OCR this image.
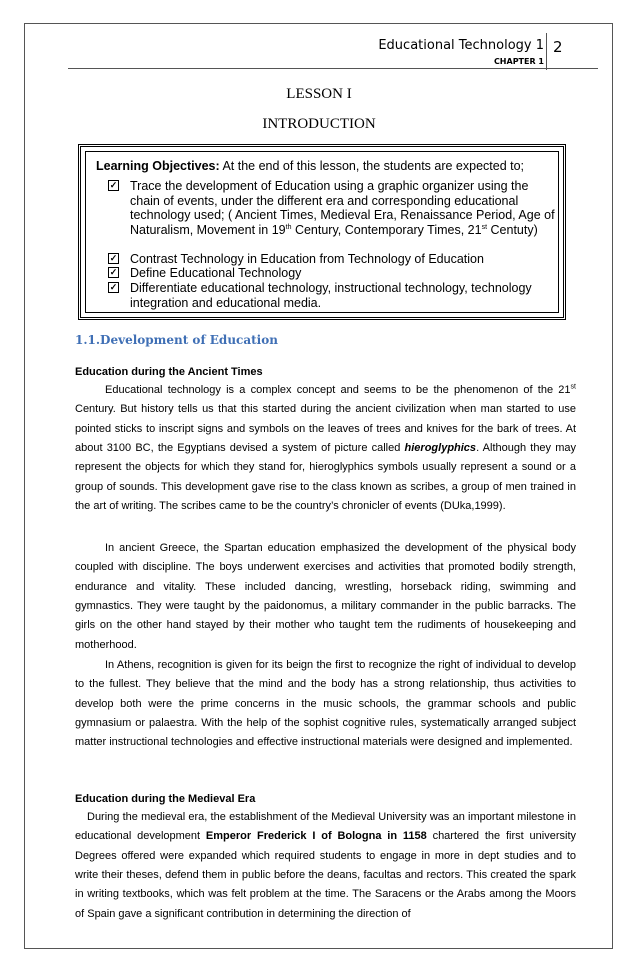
Educational Technology 1
CHAPTER 1
2
LESSON I
INTRODUCTION
Learning Objectives: At the end of this lesson, the students are expected to;
✓ Trace the development of Education using a graphic organizer using the chain of events, under the different era and corresponding educational technology used; ( Ancient Times, Medieval Era, Renaissance Period, Age of Naturalism, Movement in 19th Century, Contemporary Times, 21st Centuty)
✓ Contrast Technology in Education from Technology of Education
✓ Define Educational Technology
✓ Differentiate educational technology, instructional technology, technology integration and educational media.
1.1.Development of Education
Education during the Ancient Times
Educational technology is a complex concept and seems to be the phenomenon of the 21st Century. But history tells us that this started during the ancient civilization when man started to use pointed sticks to inscript signs and symbols on the leaves of trees and knives for the bark of trees. At about 3100 BC, the Egyptians devised a system of picture called hieroglyphics. Although they may represent the objects for which they stand for, hieroglyphics symbols usually represent a sound or a group of sounds. This development gave rise to the class known as scribes, a group of men trained in the art of writing. The scribes came to be the country’s chronicler of events (DUka,1999).
In ancient Greece, the Spartan education emphasized the development of the physical body coupled with discipline. The boys underwent exercises and activities that promoted bodily strength, endurance and vitality. These included dancing, wrestling, horseback riding, swimming and gymnastics. They were taught by the paidonomus, a military commander in the public barracks. The girls on the other hand stayed by their mother who taught tem the rudiments of housekeeping and motherhood.
In Athens, recognition is given for its beign the first to recognize the right of individual to develop to the fullest. They believe that the mind and the body has a strong relationship, thus activities to develop both were the prime concerns in the music schools, the grammar schools and public gymnasium or palaestra. With the help of the sophist cognitive rules, systematically arranged subject matter instructional technologies and effective instructional materials were designed and implemented.
Education during the Medieval Era
During the medieval era, the establishment of the Medieval University was an important milestone in educational development Emperor Frederick I of Bologna in 1158 chartered the first university Degrees offered were expanded which required students to engage in more in dept studies and to write their theses, defend them in public before the deans, facultas and rectors. This created the spark in writing textbooks, which was felt problem at the time. The Saracens or the Arabs among the Moors of Spain gave a significant contribution in determining the direction of
